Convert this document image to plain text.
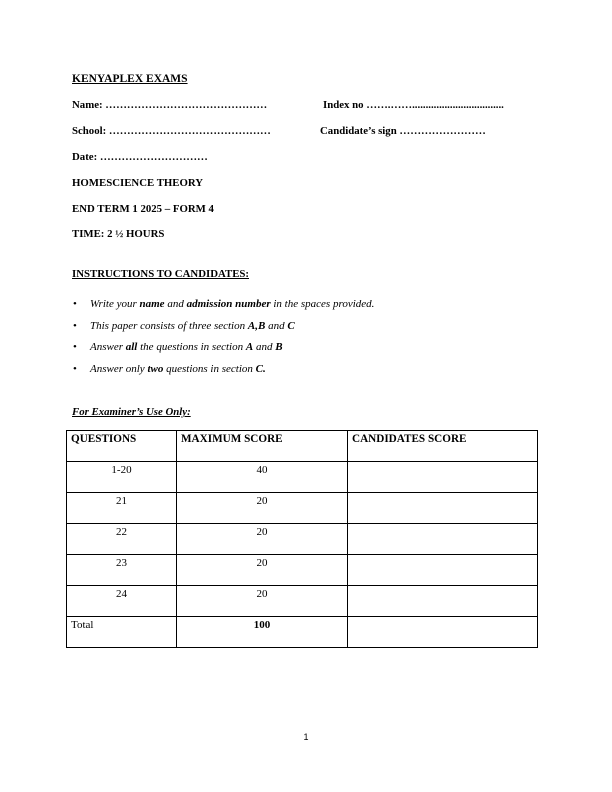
KENYAPLEX EXAMS
Name: ………………………………………	Index no …….……..................................
School: ………………………………………	Candidate’s sign ……………………
Date: …………………………
HOMESCIENCE THEORY
END TERM 1 2025 – FORM 4
TIME: 2 ½ HOURS
INSTRUCTIONS TO CANDIDATES:
• Write your name and admission number in the spaces provided.
• This paper consists of three section A,B and C
• Answer all the questions in section A and B
• Answer only two questions in section C.
For Examiner’s Use Only:
QUESTIONS	MAXIMUM SCORE	CANDIDATES SCORE
1-20	40	
21	20	
22	20	
23	20	
24	20	
Total	100	
1
